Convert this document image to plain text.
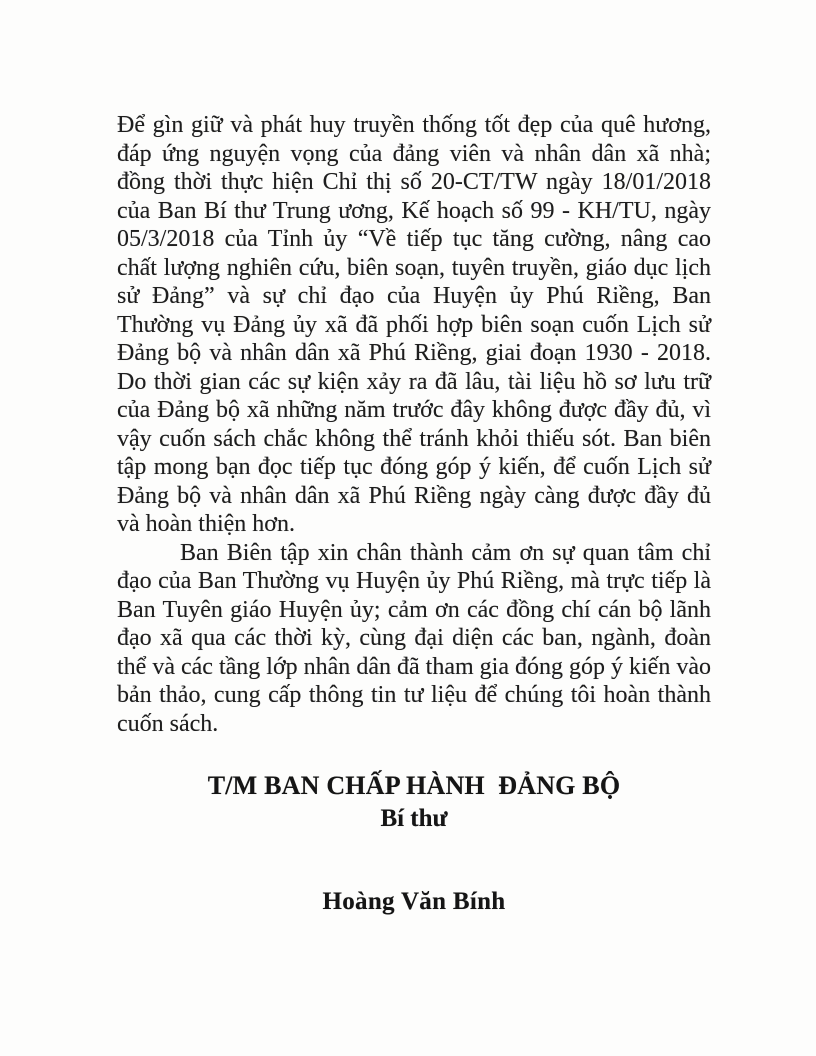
Để gìn giữ và phát huy truyền thống tốt đẹp của quê hương, đáp ứng nguyện vọng của đảng viên và nhân dân xã nhà; đồng thời thực hiện Chỉ thị số 20-CT/TW ngày 18/01/2018 của Ban Bí thư Trung ương, Kế hoạch số 99 - KH/TU, ngày 05/3/2018 của Tỉnh ủy “Về tiếp tục tăng cường, nâng cao chất lượng nghiên cứu, biên soạn, tuyên truyền, giáo dục lịch sử Đảng” và sự chỉ đạo của Huyện ủy Phú Riềng, Ban Thường vụ Đảng ủy xã đã phối hợp biên soạn cuốn Lịch sử Đảng bộ và nhân dân xã Phú Riềng, giai đoạn 1930 - 2018. Do thời gian các sự kiện xảy ra đã lâu, tài liệu hồ sơ lưu trữ của Đảng bộ xã những năm trước đây không được đầy đủ, vì vậy cuốn sách chắc không thể tránh khỏi thiếu sót. Ban biên tập mong bạn đọc tiếp tục đóng góp ý kiến, để cuốn Lịch sử Đảng bộ và nhân dân xã Phú Riềng ngày càng được đầy đủ và hoàn thiện hơn.

Ban Biên tập xin chân thành cảm ơn sự quan tâm chỉ đạo của Ban Thường vụ Huyện ủy Phú Riềng, mà trực tiếp là Ban Tuyên giáo Huyện ủy; cảm ơn các đồng chí cán bộ lãnh đạo xã qua các thời kỳ, cùng đại diện các ban, ngành, đoàn thể và các tầng lớp nhân dân đã tham gia đóng góp ý kiến vào bản thảo, cung cấp thông tin tư liệu để chúng tôi hoàn thành cuốn sách.

T/M BAN CHẤP HÀNH  ĐẢNG BỘ
Bí thư
Hoàng Văn Bính
